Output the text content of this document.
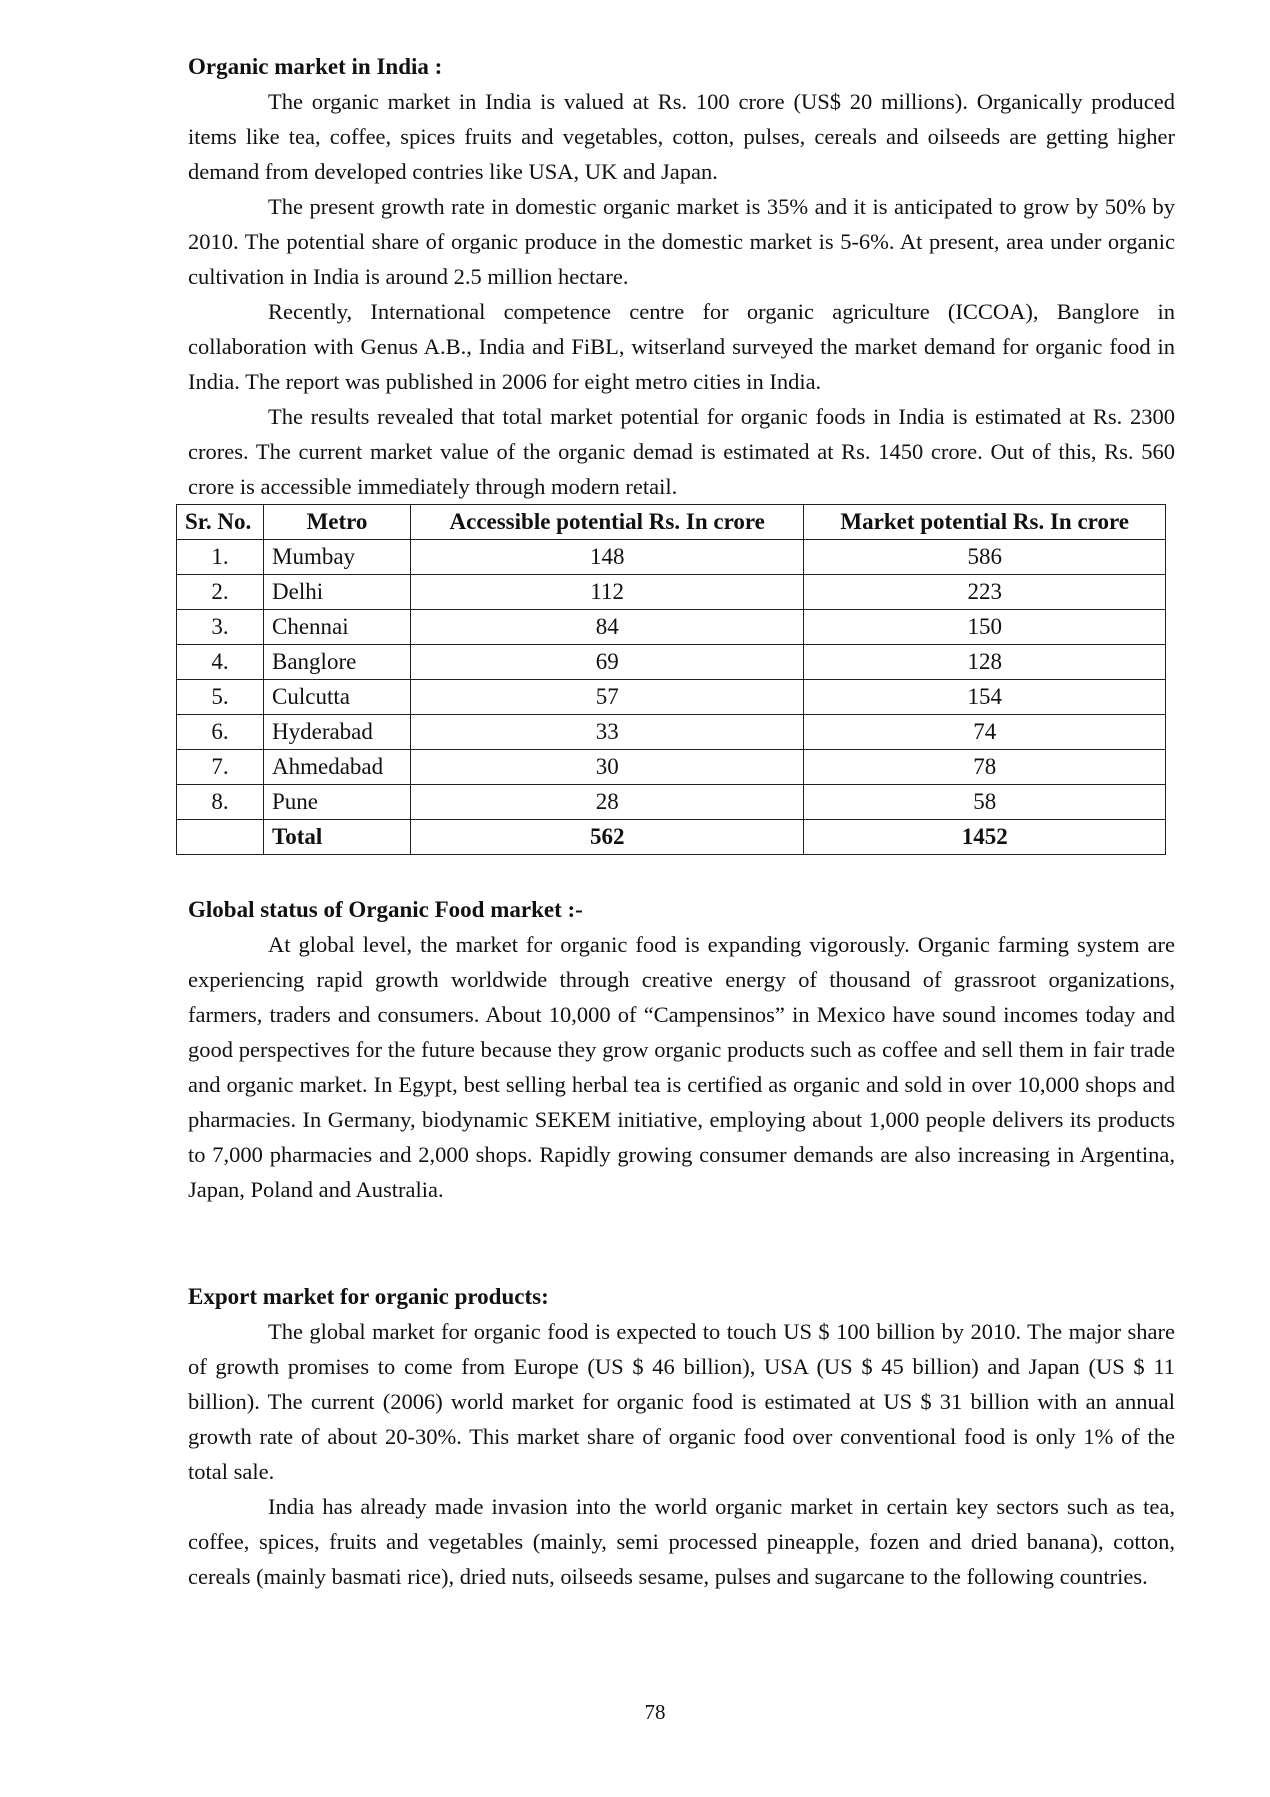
Organic market in India :

The organic market in India is valued at Rs. 100 crore (US$ 20 millions). Organically produced items like tea, coffee, spices fruits and vegetables, cotton, pulses, cereals and oilseeds are getting higher demand from developed contries like USA, UK and Japan.

The present growth rate in domestic organic market is 35% and it is anticipated to grow by 50% by 2010. The potential share of organic produce in the domestic market is 5-6%. At present, area under organic cultivation in India is around 2.5 million hectare.

Recently, International competence centre for organic agriculture (ICCOA), Banglore in collaboration with Genus A.B., India and FiBL, witserland surveyed the market demand for organic food in India. The report was published in 2006 for eight metro cities in India.

The results revealed that total market potential for organic foods in India is estimated at Rs. 2300 crores. The current market value of the organic demad is estimated at Rs. 1450 crore. Out of this, Rs. 560 crore is accessible immediately through modern retail.

Sr. No.	Metro	Accessible potential Rs. In crore	Market potential Rs. In crore
1.	Mumbay	148	586
2.	Delhi	112	223
3.	Chennai	84	150
4.	Banglore	69	128
5.	Culcutta	57	154
6.	Hyderabad	33	74
7.	Ahmedabad	30	78
8.	Pune	28	58
	Total	562	1452
Global status of Organic Food market :-

At global level, the market for organic food is expanding vigorously. Organic farming system are experiencing rapid growth worldwide through creative energy of thousand of grassroot organizations, farmers, traders and consumers. About 10,000 of “Campensinos” in Mexico have sound incomes today and good perspectives for the future because they grow organic products such as coffee and sell them in fair trade and organic market. In Egypt, best selling herbal tea is certified as organic and sold in over 10,000 shops and pharmacies. In Germany, biodynamic SEKEM initiative, employing about 1,000 people delivers its products to 7,000 pharmacies and 2,000 shops. Rapidly growing consumer demands are also increasing in Argentina, Japan, Poland and Australia.

Export market for organic products:

The global market for organic food is expected to touch US $ 100 billion by 2010. The major share of growth promises to come from Europe (US $ 46 billion), USA (US $ 45 billion) and Japan (US $ 11 billion). The current (2006) world market for organic food is estimated at US $ 31 billion with an annual growth rate of about 20-30%. This market share of organic food over conventional food is only 1% of the total sale.

India has already made invasion into the world organic market in certain key sectors such as tea, coffee, spices, fruits and vegetables (mainly, semi processed pineapple, fozen and dried banana), cotton, cereals (mainly basmati rice), dried nuts, oilseeds sesame, pulses and sugarcane to the following countries.

78
